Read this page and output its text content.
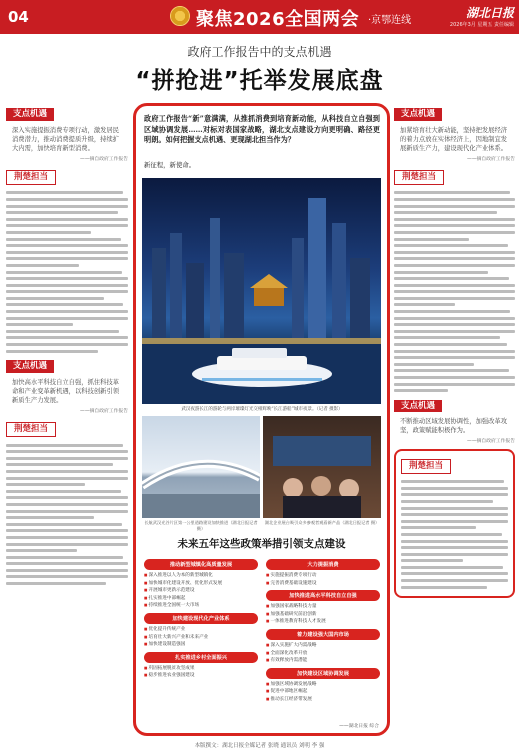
04	聚焦2026全国两会 ·京鄂连线
湖北日报
2026年3月 星期五 责任编辑
政府工作报告中的支点机遇
“拼抢进”托举发展底盘
支点机遇
深入实施提振消费专项行动，激发居民消费潜力，推动消费提质升级，持续扩大内需，加快培育新型消费。
——摘自政府工作报告
荆楚担当
支点机遇
加快高水平科技自立自强，抓住科技革命和产业变革新机遇，以科技创新引领新质生产力发展。
——摘自政府工作报告
荆楚担当
政府工作报告“新”意满满，从推抓消费到培育新动能，从科技自立自强到区域协调发展……对标对表国家战略，湖北支点建设方向更明确、路径更明朗。如何把握支点机遇、更现湖北担当作为？
新征程，新使命。
武汉夜游长江的游轮与两岸璀璨灯光交相辉映“长江游船”城市夜景。（记者 摄影）
长航武汉光谷片区第一公里道路建设加快推进（湖北日报记者 摄）
湖北企业展台吸引众多参观者观看新产品（湖北日报记者 摄）
未来五年这些政策举措引领支点建设
推动新型城镇化高质量发展
■ 深入推进以人为本的新型城镇化
■ 加快城市化建设开放、优化形式发展
■ 开展城市更新示范建设
■ 扎实推进中部崛起
■ 持续推进全国统一大市场
加快建设现代化产业体系
■ 优化提升传统产业
■ 培育壮大新兴产业和未来产业
■ 加快建设制造强国
扎实推进乡村全面振兴
■ 巩固拓展脱贫攻坚成果
■ 稳步推进农业强国建设
大力提振消费
■ 实施提振消费专项行动
■ 完善消费基础设施建设
加快推进高水平科技自立自强
■ 加强国家战略科技力量
■ 加强基础研究前沿创新
■ 一体推进教育科技人才发展
着力建设强大国内市场
■ 深入实施扩大内需战略
■ 全面深化改革开放
■ 有效释放内需潜能
加快建设区域协调发展
■ 加强区域协调发展战略
■ 促进中部地区崛起
■ 推动长江经济带发展
——湖北日报 综合
支点机遇
加紧培育壮大新动能，坚持把发展经济的着力点放在实体经济上，因地制宜发展新质生产力，建设现代化产业体系。
——摘自政府工作报告
荆楚担当
支点机遇
不断推动区域发展协调性，加强改革攻坚，政策赋能积极作为。
——摘自政府工作报告
荆楚担当
本版撰文：湖北日报全媒记者 张晓 通讯员 刘明 李 强
